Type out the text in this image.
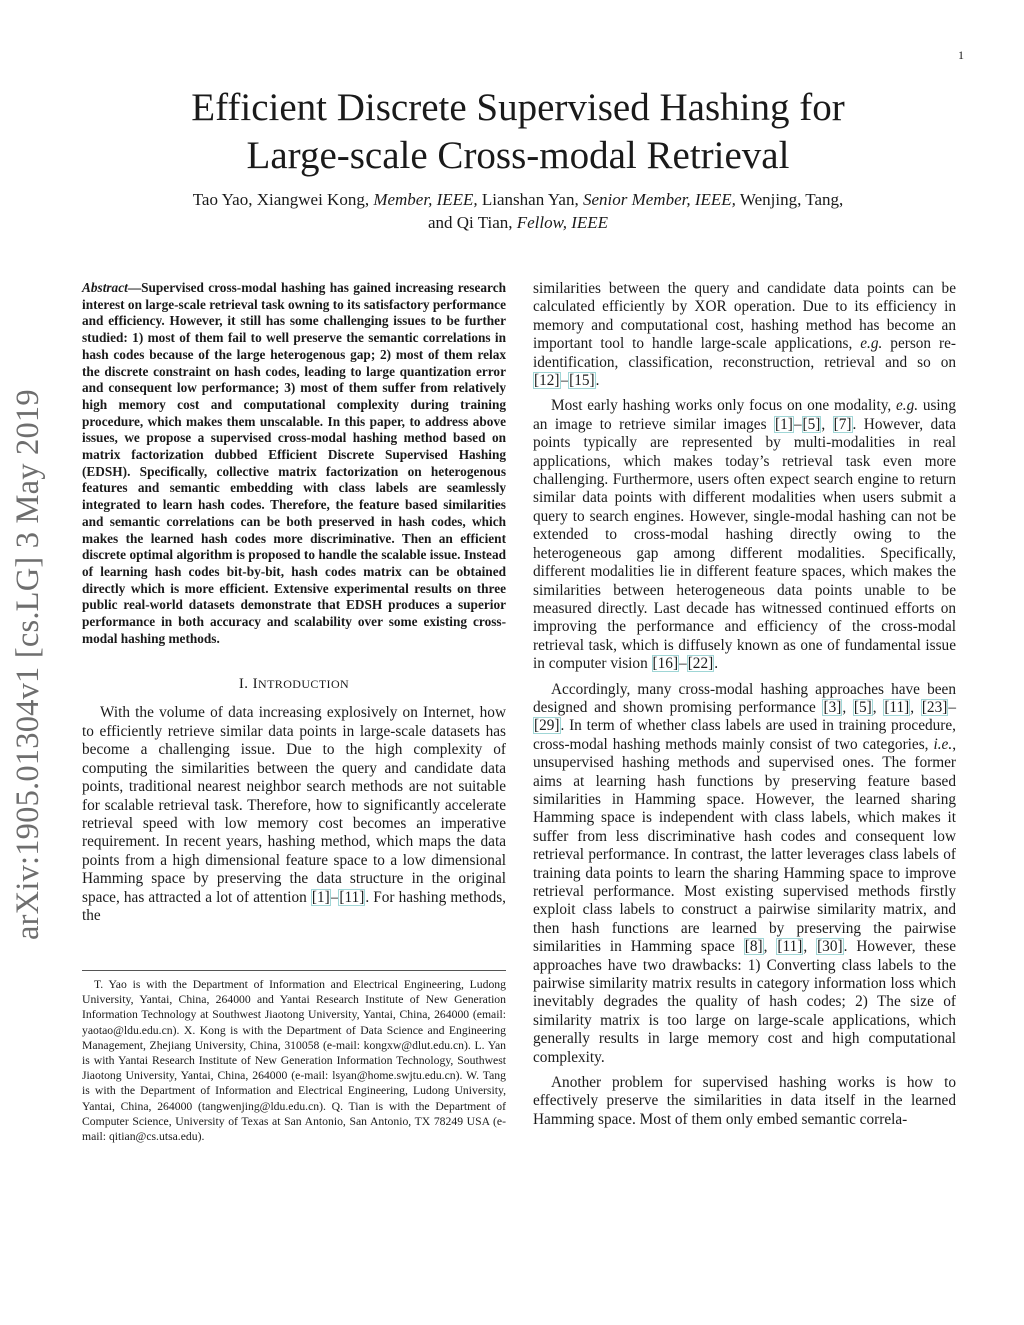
1
arXiv:1905.01304v1 [cs.LG] 3 May 2019
Efficient Discrete Supervised Hashing for
Large-scale Cross-modal Retrieval
Tao Yao, Xiangwei Kong, Member, IEEE, Lianshan Yan, Senior Member, IEEE, Wenjing, Tang,
and Qi Tian, Fellow, IEEE

Abstract—Supervised cross-modal hashing has gained increasing research interest on large-scale retrieval task owning to its satisfactory performance and efficiency. However, it still has some challenging issues to be further studied: 1) most of them fail to well preserve the semantic correlations in hash codes because of the large heterogenous gap; 2) most of them relax the discrete constraint on hash codes, leading to large quantization error and consequent low performance; 3) most of them suffer from relatively high memory cost and computational complexity during training procedure, which makes them unscalable. In this paper, to address above issues, we propose a supervised cross-modal hashing method based on matrix factorization dubbed Efficient Discrete Supervised Hashing (EDSH). Specifically, collective matrix factorization on heterogenous features and semantic embedding with class labels are seamlessly integrated to learn hash codes. Therefore, the feature based similarities and semantic correlations can be both preserved in hash codes, which makes the learned hash codes more discriminative. Then an efficient discrete optimal algorithm is proposed to handle the scalable issue. Instead of learning hash codes bit-by-bit, hash codes matrix can be obtained directly which is more efficient. Extensive experimental results on three public real-world datasets demonstrate that EDSH produces a superior performance in both accuracy and scalability over some existing cross-modal hashing methods.

I. INTRODUCTION

With the volume of data increasing explosively on Internet, how to efficiently retrieve similar data points in large-scale datasets has become a challenging issue. Due to the high complexity of computing the similarities between the query and candidate data points, traditional nearest neighbor search methods are not suitable for scalable retrieval task. Therefore, how to significantly accelerate retrieval speed with low memory cost becomes an imperative requirement. In recent years, hashing method, which maps the data points from a high dimensional feature space to a low dimensional Hamming space by preserving the data structure in the original space, has attracted a lot of attention [1]–[11]. For hashing methods, the

T. Yao is with the Department of Information and Electrical Engineering, Ludong University, Yantai, China, 264000 and Yantai Research Institute of New Generation Information Technology at Southwest Jiaotong University, Yantai, China, 264000 (email: yaotao@ldu.edu.cn). X. Kong is with the Department of Data Science and Engineering Management, Zhejiang University, China, 310058 (e-mail: kongxw@dlut.edu.cn). L. Yan is with Yantai Research Institute of New Generation Information Technology, Southwest Jiaotong University, Yantai, China, 264000 (e-mail: lsyan@home.swjtu.edu.cn). W. Tang is with the Department of Information and Electrical Engineering, Ludong University, Yantai, China, 264000 (tangwenjing@ldu.edu.cn). Q. Tian is with the Department of Computer Science, University of Texas at San Antonio, San Antonio, TX 78249 USA (e-mail: qitian@cs.utsa.edu).

similarities between the query and candidate data points can be calculated efficiently by XOR operation. Due to its efficiency in memory and computational cost, hashing method has become an important tool to handle large-scale applications, e.g. person re-identification, classification, reconstruction, retrieval and so on [12]–[15].

Most early hashing works only focus on one modality, e.g. using an image to retrieve similar images [1]–[5], [7]. However, data points typically are represented by multi-modalities in real applications, which makes today’s retrieval task even more challenging. Furthermore, users often expect search engine to return similar data points with different modalities when users submit a query to search engines. However, single-modal hashing can not be extended to cross-modal hashing directly owing to the heterogeneous gap among different modalities. Specifically, different modalities lie in different feature spaces, which makes the similarities between heterogeneous data points unable to be measured directly. Last decade has witnessed continued efforts on improving the performance and efficiency of the cross-modal retrieval task, which is diffusely known as one of fundamental issue in computer vision [16]–[22].

Accordingly, many cross-modal hashing approaches have been designed and shown promising performance [3], [5], [11], [23]–[29]. In term of whether class labels are used in training procedure, cross-modal hashing methods mainly consist of two categories, i.e., unsupervised hashing methods and supervised ones. The former aims at learning hash functions by preserving feature based similarities in Hamming space. However, the learned sharing Hamming space is independent with class labels, which makes it suffer from less discriminative hash codes and consequent low retrieval performance. In contrast, the latter leverages class labels of training data points to learn the sharing Hamming space to improve retrieval performance. Most existing supervised methods firstly exploit class labels to construct a pairwise similarity matrix, and then hash functions are learned by preserving the pairwise similarities in Hamming space [8], [11], [30]. However, these approaches have two drawbacks: 1) Converting class labels to the pairwise similarity matrix results in category information loss which inevitably degrades the quality of hash codes; 2) The size of similarity matrix is too large on large-scale applications, which generally results in large memory cost and high computational complexity.

Another problem for supervised hashing works is how to effectively preserve the similarities in data itself in the learned Hamming space. Most of them only embed semantic correla-
